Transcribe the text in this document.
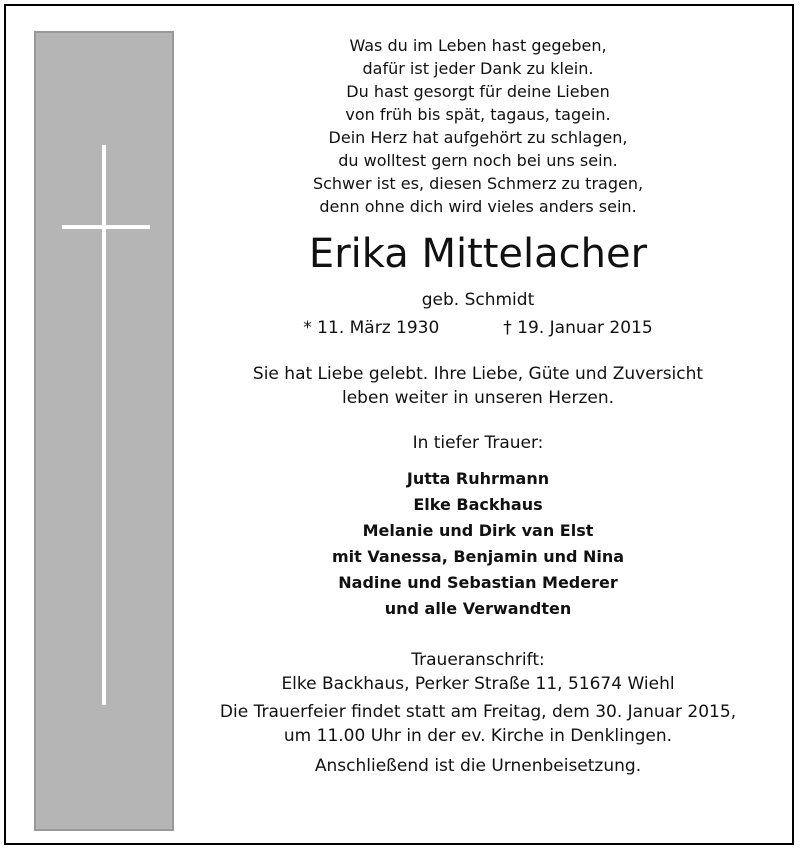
Was du im Leben hast gegeben,
dafür ist jeder Dank zu klein.
Du hast gesorgt für deine Lieben
von früh bis spät, tagaus, tagein.
Dein Herz hat aufgehört zu schlagen,
du wolltest gern noch bei uns sein.
Schwer ist es, diesen Schmerz zu tragen,
denn ohne dich wird vieles anders sein.
Erika Mittelacher
geb. Schmidt
* 11. März 1930	† 19. Januar 2015
Sie hat Liebe gelebt. Ihre Liebe, Güte und Zuversicht
leben weiter in unseren Herzen.
In tiefer Trauer:
Jutta Ruhrmann
Elke Backhaus
Melanie und Dirk van Elst
mit Vanessa, Benjamin und Nina
Nadine und Sebastian Mederer
und alle Verwandten
Traueranschrift:
Elke Backhaus, Perker Straße 11, 51674 Wiehl
Die Trauerfeier findet statt am Freitag, dem 30. Januar 2015,
um 11.00 Uhr in der ev. Kirche in Denklingen.
Anschließend ist die Urnenbeisetzung.
